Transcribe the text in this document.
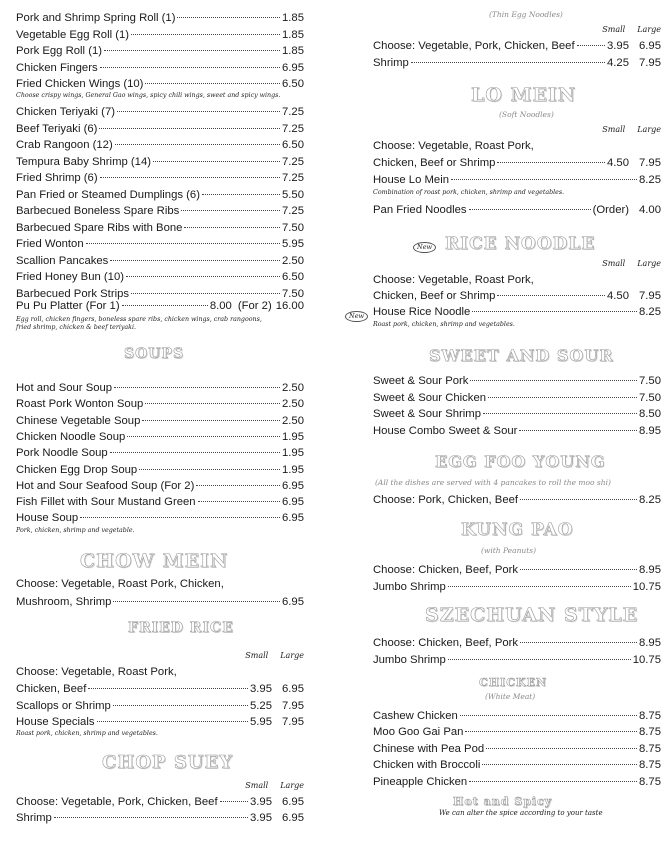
Pork and Shrimp Spring Roll (1)	1.85
Vegetable Egg Roll (1)	1.85
Pork Egg Roll (1)	1.85
Chicken Fingers	6.95
Fried Chicken Wings (10)	6.50
Chicken Teriyaki (7)	7.25
Beef Teriyaki (6)	7.25
Crab Rangoon (12)	6.50
Tempura Baby Shrimp (14)	7.25
Fried Shrimp (6)	7.25
Pan Fried or Steamed Dumplings (6)	5.50
Barbecued Boneless Spare Ribs	7.25
Barbecued Spare Ribs with Bone	7.50
Fried Wonton	5.95
Scallion Pancakes	2.50
Fried Honey Bun (10)	6.50
Barbecued Pork Strips	7.50
Choose crispy wings, General Gao wings, spicy chili wings, sweet and spicy wings.
Pu Pu Platter (For 1)	8.00 (For 2) 16.00
Egg roll, chicken fingers, boneless spare ribs, chicken wings, crab rangoons, fried shrimp, chicken & beef teriyaki.
SOUPS
Hot and Sour Soup	2.50
Roast Pork Wonton Soup	2.50
Chinese Vegetable Soup	2.50
Chicken Noodle Soup	1.95
Pork Noodle Soup	1.95
Chicken Egg Drop Soup	1.95
Hot and Sour Seafood Soup (For 2)	6.95
Fish Fillet with Sour Mustand Green	6.95
House Soup	6.95
Pork, chicken, shrimp and vegetable.
CHOW MEIN
Choose: Vegetable, Roast Pork, Chicken,
Mushroom, Shrimp	6.95
FRIED RICE
Small Large
Choose: Vegetable, Roast Pork,
Chicken, Beef	3.95 6.95
Scallops or Shrimp	5.25 7.95
House Specials	5.95 7.95
Roast pork, chicken, shrimp and vegetables.
CHOP SUEY
Small Large
Choose: Vegetable, Pork, Chicken, Beef	3.95 6.95
Shrimp	3.95 6.95
(Thin Egg Noodles)
Small Large
Choose: Vegetable, Pork, Chicken, Beef	3.95 6.95
Shrimp	4.25 7.95
LO MEIN
(Soft Noodles)
Small Large
Choose: Vegetable, Roast Pork,
Chicken, Beef or Shrimp	4.50 7.95
House Lo Mein	8.25
Combination of roast pork, chicken, shrimp and vegetables.
Pan Fried Noodles	(Order) 4.00
New RICE NOODLE
Small Large
Choose: Vegetable, Roast Pork,
Chicken, Beef or Shrimp	4.50 7.95
New House Rice Noodle	8.25
Roast pork, chicken, shrimp and vegetables.
SWEET AND SOUR
Sweet & Sour Pork	7.50
Sweet & Sour Chicken	7.50
Sweet & Sour Shrimp	8.50
House Combo Sweet & Sour	8.95
EGG FOO YOUNG
(All the dishes are served with 4 pancakes to roll the moo shi)
Choose: Pork, Chicken, Beef	8.25
KUNG PAO
(with Peanuts)
Choose: Chicken, Beef, Pork	8.95
Jumbo Shrimp	10.75
SZECHUAN STYLE
Choose: Chicken, Beef, Pork	8.95
Jumbo Shrimp	10.75
CHICKEN
(White Meat)
Cashew Chicken	8.75
Moo Goo Gai Pan	8.75
Chinese with Pea Pod	8.75
Chicken with Broccoli	8.75
Pineapple Chicken	8.75
Hot and Spicy
We can alter the spice according to your taste
